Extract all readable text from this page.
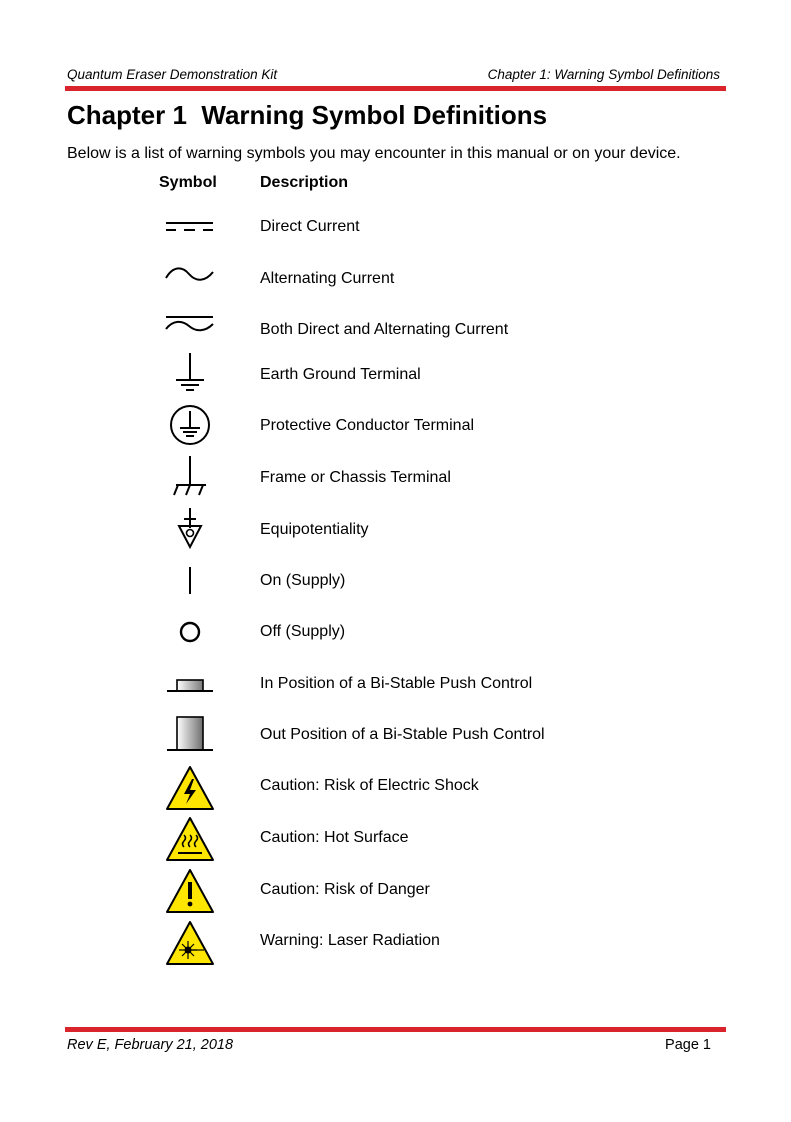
Quantum Eraser Demonstration Kit	Chapter 1: Warning Symbol Definitions
Chapter 1  Warning Symbol Definitions
Below is a list of warning symbols you may encounter in this manual or on your device.
Symbol	Description
Direct Current
Alternating Current
Both Direct and Alternating Current
Earth Ground Terminal
Protective Conductor Terminal
Frame or Chassis Terminal
Equipotentiality
On (Supply)
Off (Supply)
In Position of a Bi-Stable Push Control
Out Position of a Bi-Stable Push Control
Caution: Risk of Electric Shock
Caution: Hot Surface
Caution: Risk of Danger
Warning: Laser Radiation
Rev E, February 21, 2018	Page 1
